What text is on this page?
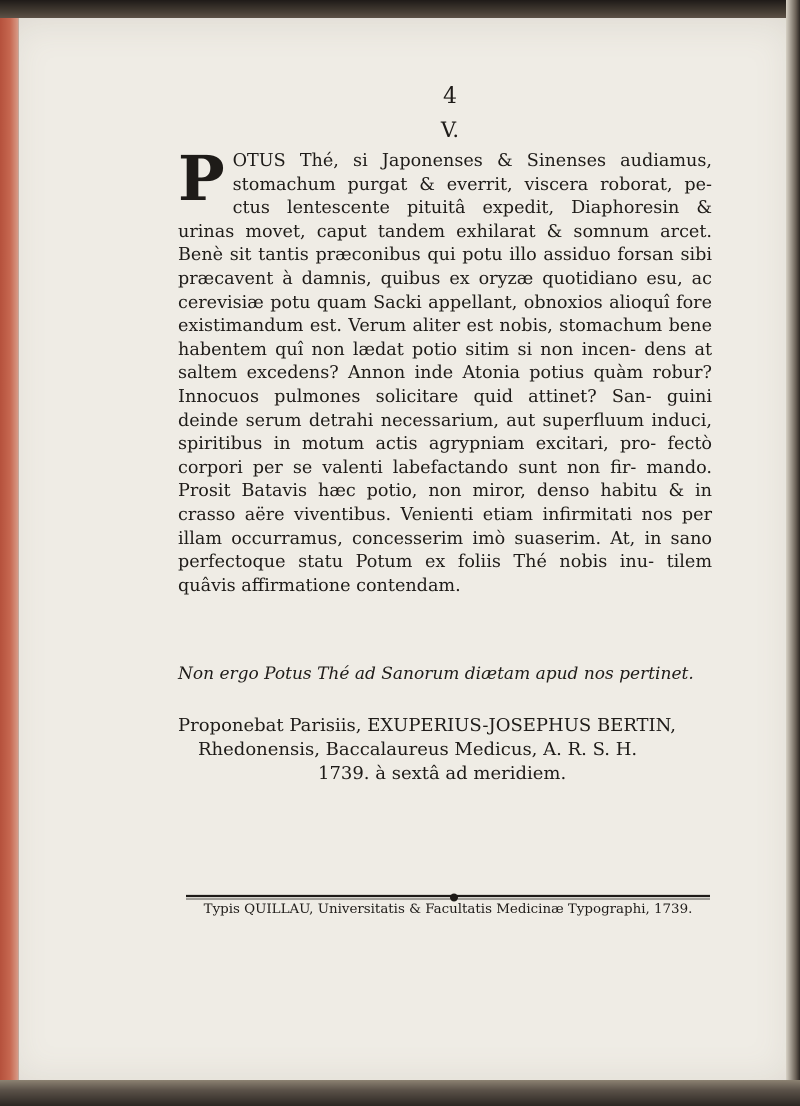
4
V.

P OTUS Thé, si Japonenses & Sinenses audiamus, stomachum purgat & everrit, viscera roborat, pe- ctus lentescente pituitâ expedit, Diaphoresin & urinas movet, caput tandem exhilarat & somnum arcet. Benè sit tantis præconibus qui potu illo assiduo forsan sibi præcavent à damnis, quibus ex oryzæ quotidiano esu, ac cerevisiæ potu quam Sacki appellant, obnoxios alioquî fore existimandum est. Verum aliter est nobis, stomachum bene habentem quî non lædat potio sitim si non incen- dens at saltem excedens? Annon inde Atonia potius quàm robur? Innocuos pulmones solicitare quid attinet? San- guini deinde serum detrahi necessarium, aut superfluum induci, spiritibus in motum actis agrypniam excitari, pro- fectò corpori per se valenti labefactando sunt non fir- mando. Prosit Batavis hæc potio, non miror, denso habitu & in crasso aëre viventibus. Venienti etiam infirmitati nos per illam occurramus, concesserim imò suaserim. At, in sano perfectoque statu Potum ex foliis Thé nobis inu- tilem quâvis affirmatione contendam.

Non ergo Potus Thé ad Sanorum diætam apud nos pertinet.
Proponebat Parisiis, EXUPERIUS-JOSEPHUS BERTIN,
Rhedonensis, Baccalaureus Medicus, A. R. S. H.
1739. à sextâ ad meridiem.
Typis QUILLAU, Universitatis & Facultatis Medicinæ Typographi, 1739.
